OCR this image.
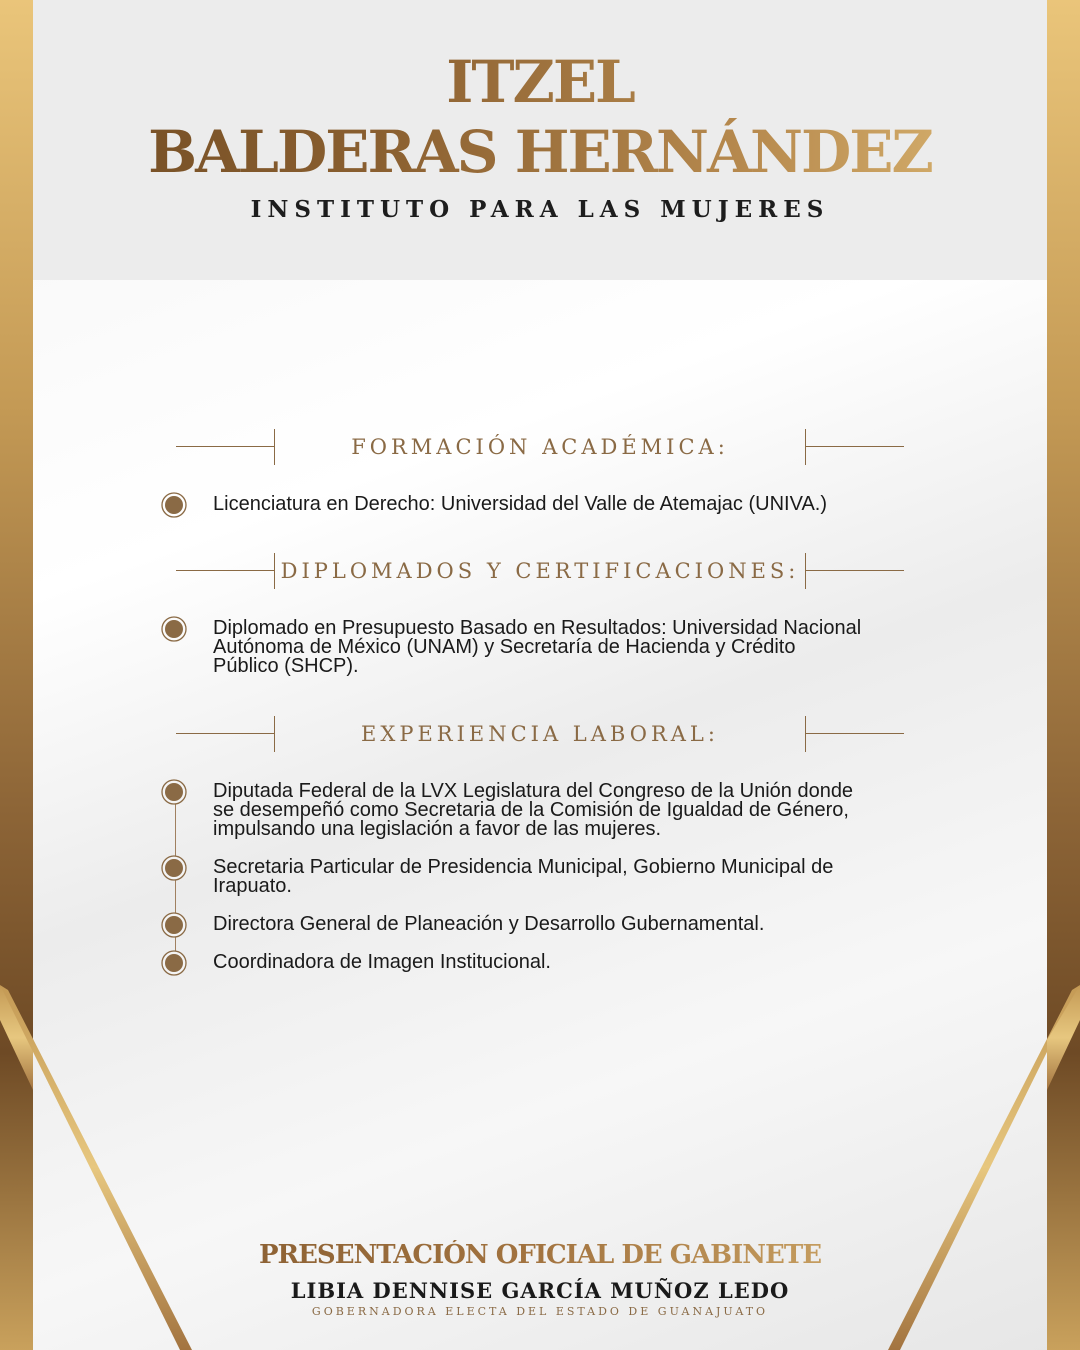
ITZEL
BALDERAS HERNÁNDEZ
INSTITUTO PARA LAS MUJERES
FORMACIÓN ACADÉMICA:
Licenciatura en Derecho: Universidad del Valle de Atemajac (UNIVA.)
DIPLOMADOS Y CERTIFICACIONES:
Diplomado en Presupuesto Basado en Resultados: Universidad Nacional Autónoma de México (UNAM) y Secretaría de Hacienda y Crédito Público (SHCP).
EXPERIENCIA LABORAL:
Diputada Federal de la LVX Legislatura del Congreso de la Unión donde se desempeñó como Secretaria de la Comisión de Igualdad de Género, impulsando una legislación a favor de las mujeres.
Secretaria Particular de Presidencia Municipal, Gobierno Municipal de Irapuato.
Directora General de Planeación y Desarrollo Gubernamental.
Coordinadora de Imagen Institucional.
PRESENTACIÓN OFICIAL DE GABINETE
LIBIA DENNISE GARCÍA MUÑOZ LEDO
GOBERNADORA ELECTA DEL ESTADO DE GUANAJUATO
